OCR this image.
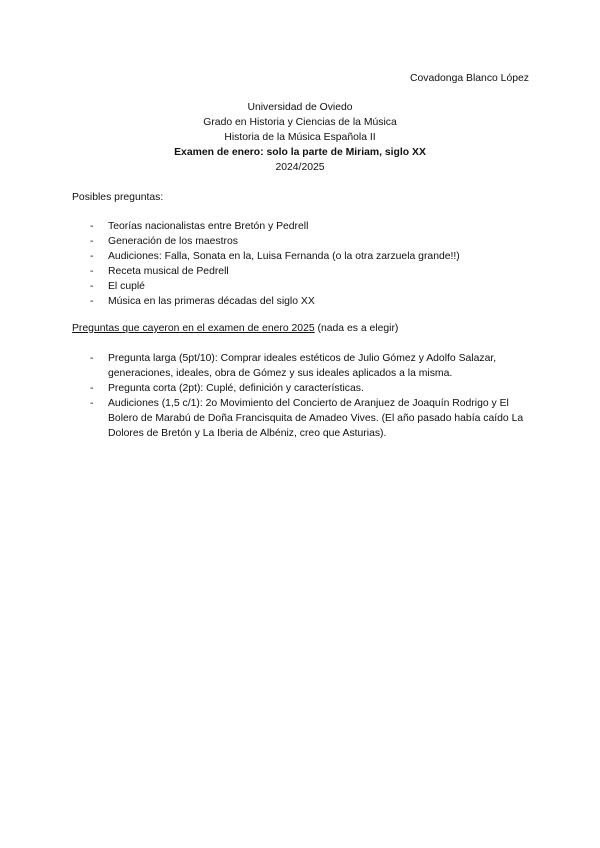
Covadonga Blanco López
Universidad de Oviedo
Grado en Historia y Ciencias de la Música
Historia de la Música Española II
Examen de enero: solo la parte de Miriam, siglo XX
2024/2025
Posibles preguntas:
- Teorías nacionalistas entre Bretón y Pedrell
- Generación de los maestros
- Audiciones: Falla, Sonata en la, Luisa Fernanda (o la otra zarzuela grande!!)
- Receta musical de Pedrell
- El cuplé
- Música en las primeras décadas del siglo XX
Preguntas que cayeron en el examen de enero 2025 (nada es a elegir)
- Pregunta larga (5pt/10): Comprar ideales estéticos de Julio Gómez y Adolfo Salazar, generaciones, ideales, obra de Gómez y sus ideales aplicados a la misma.
- Pregunta corta (2pt): Cuplé, definición y características.
- Audiciones (1,5 c/1): 2o Movimiento del Concierto de Aranjuez de Joaquín Rodrigo y El Bolero de Marabú de Doña Francisquita de Amadeo Vives. (El año pasado había caído La Dolores de Bretón y La Iberia de Albéniz, creo que Asturias).
